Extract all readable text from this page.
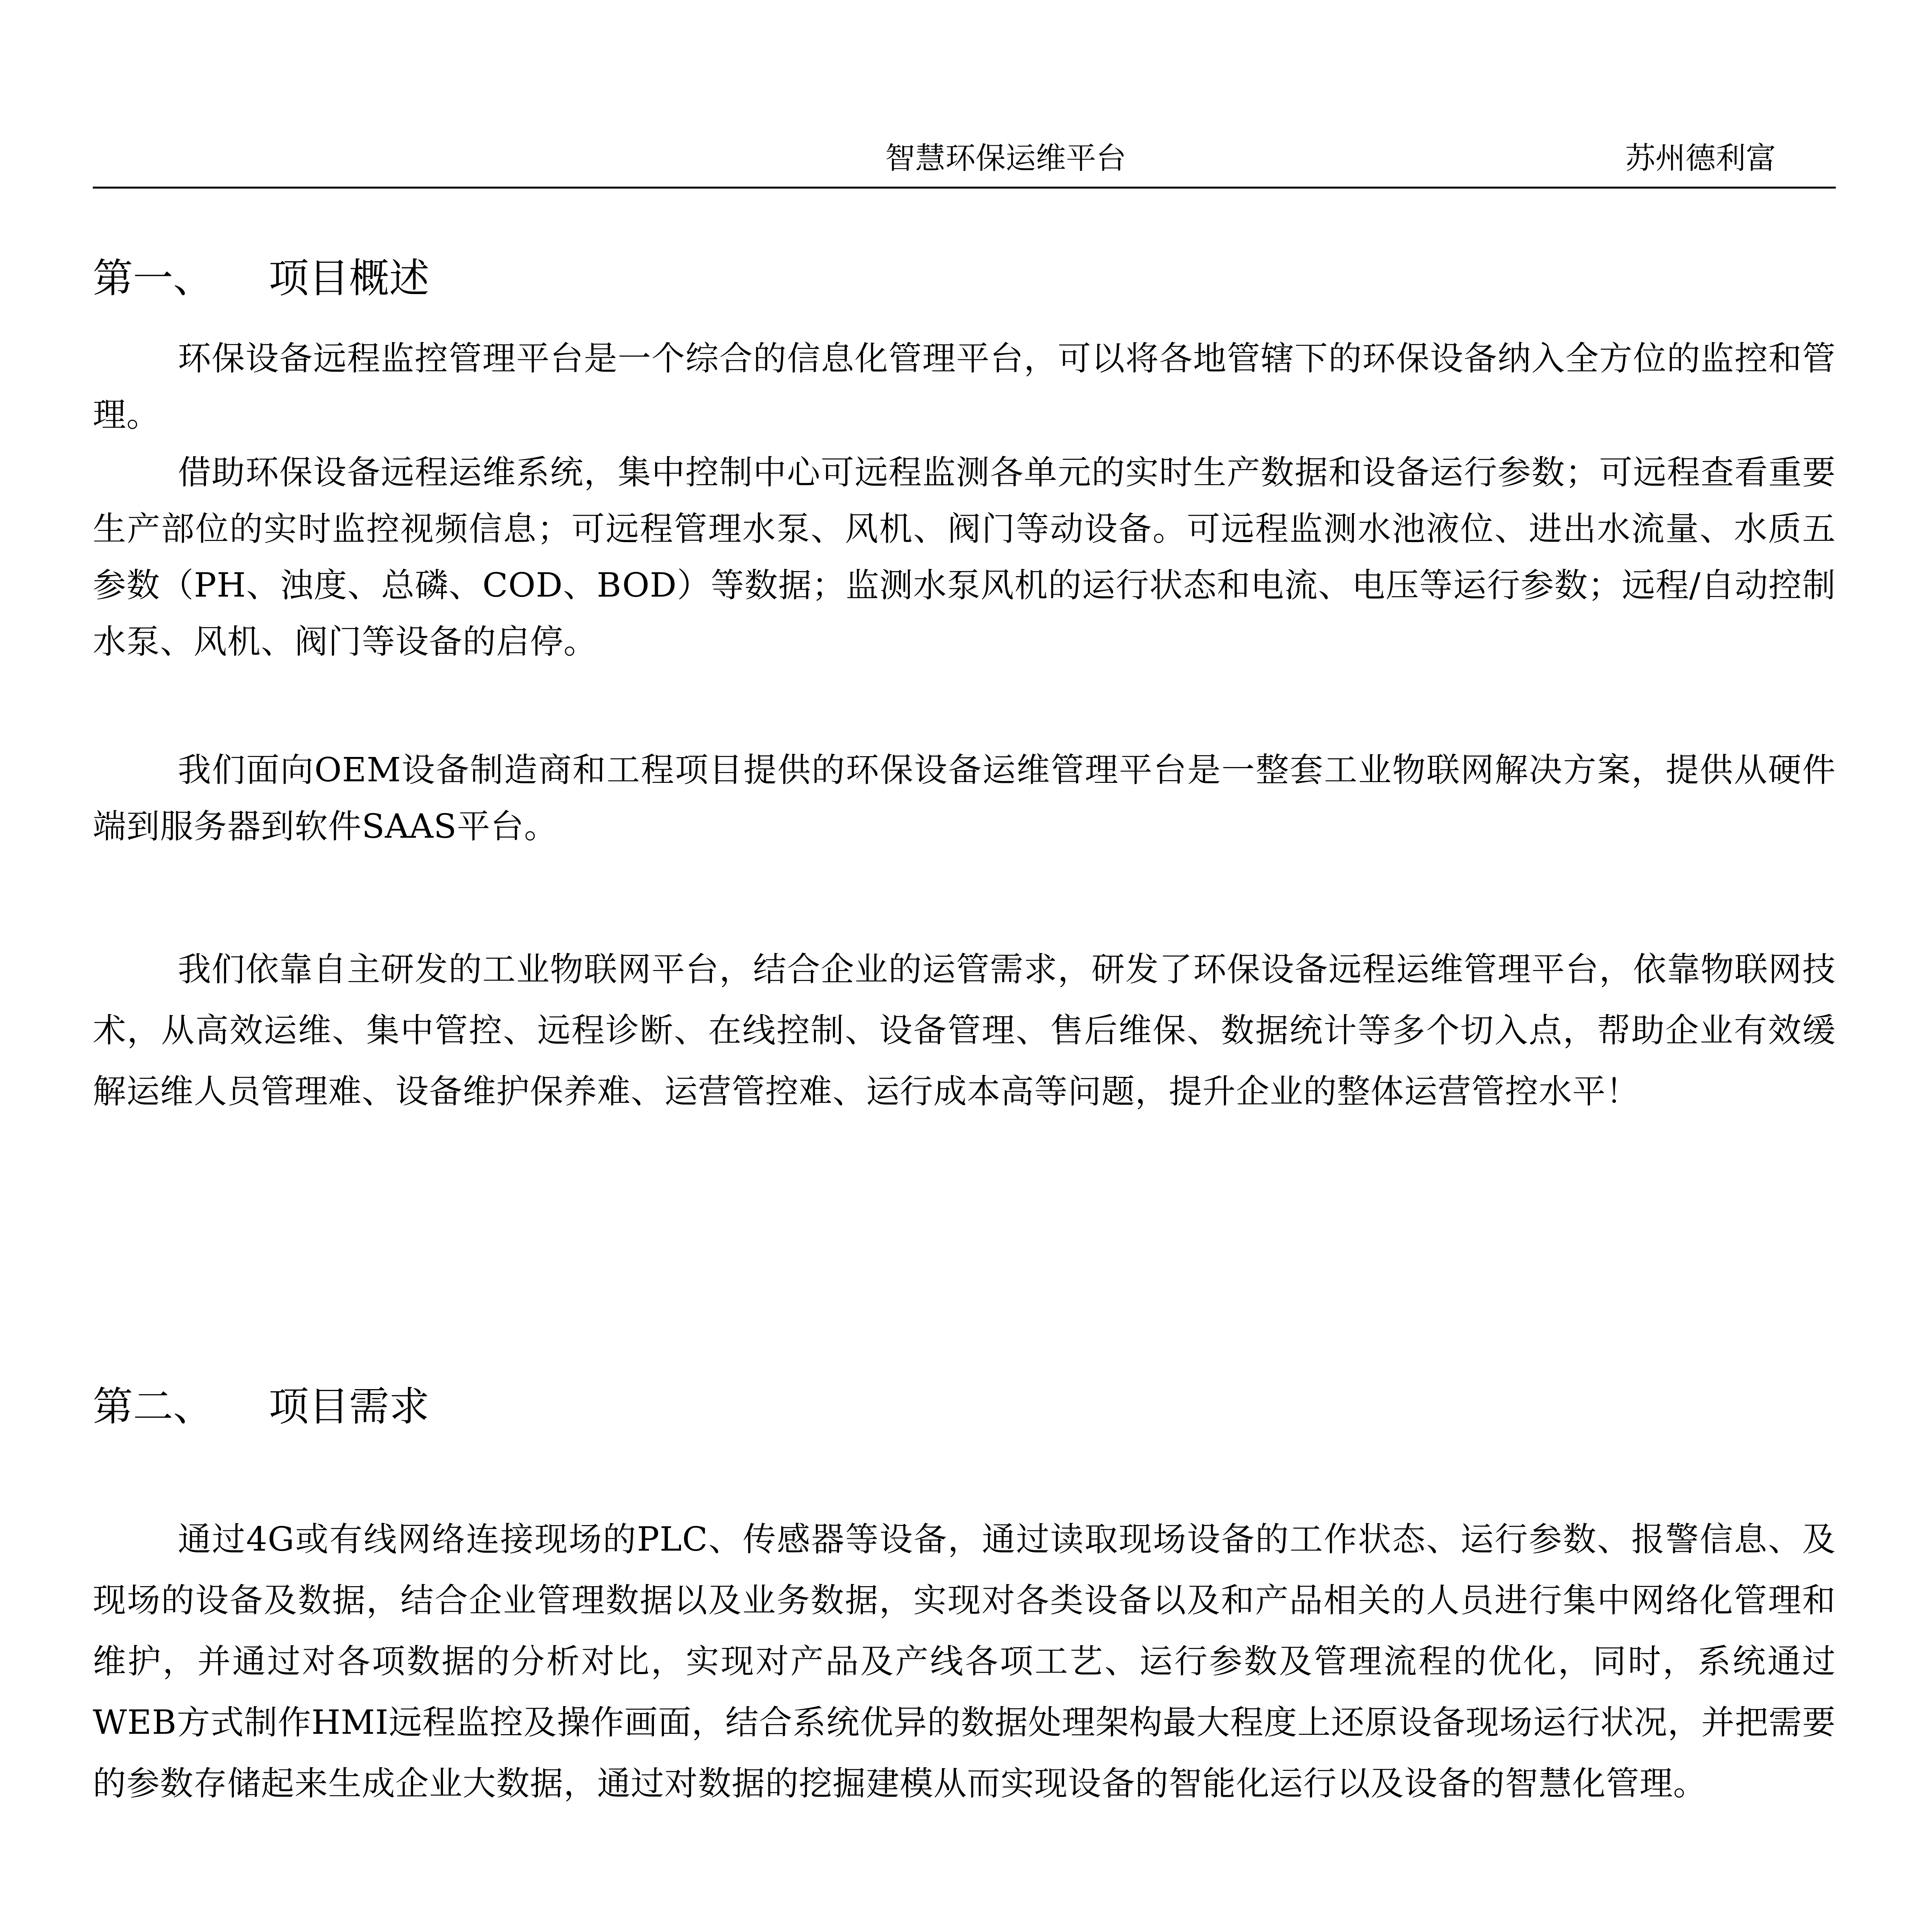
智慧环保运维平台	苏州德利富
第一、 项目概述

环保设备远程监控管理平台是一个综合的信息化管理平台，可以将各地管辖下的环保设备纳入全方位的监控和管理。

借助环保设备远程运维系统，集中控制中心可远程监测各单元的实时生产数据和设备运行参数；可远程查看重要生产部位的实时监控视频信息；可远程管理水泵、风机、阀门等动设备。可远程监测水池液位、进出水流量、水质五参数（PH、浊度、总磷、COD、BOD）等数据；监测水泵风机的运行状态和电流、电压等运行参数；远程/自动控制水泵、风机、阀门等设备的启停。

我们面向OEM设备制造商和工程项目提供的环保设备运维管理平台是一整套工业物联网解决方案，提供从硬件端到服务器到软件SAAS平台。

我们依靠自主研发的工业物联网平台，结合企业的运管需求，研发了环保设备远程运维管理平台，依靠物联网技术，从高效运维、集中管控、远程诊断、在线控制、设备管理、售后维保、数据统计等多个切入点，帮助企业有效缓解运维人员管理难、设备维护保养难、运营管控难、运行成本高等问题，提升企业的整体运营管控水平！

第二、 项目需求

通过4G或有线网络连接现场的PLC、传感器等设备，通过读取现场设备的工作状态、运行参数、报警信息、及现场的设备及数据，结合企业管理数据以及业务数据，实现对各类设备以及和产品相关的人员进行集中网络化管理和维护，并通过对各项数据的分析对比，实现对产品及产线各项工艺、运行参数及管理流程的优化，同时，系统通过WEB方式制作HMI远程监控及操作画面，结合系统优异的数据处理架构最大程度上还原设备现场运行状况，并把需要的参数存储起来生成企业大数据，通过对数据的挖掘建模从而实现设备的智能化运行以及设备的智慧化管理。
